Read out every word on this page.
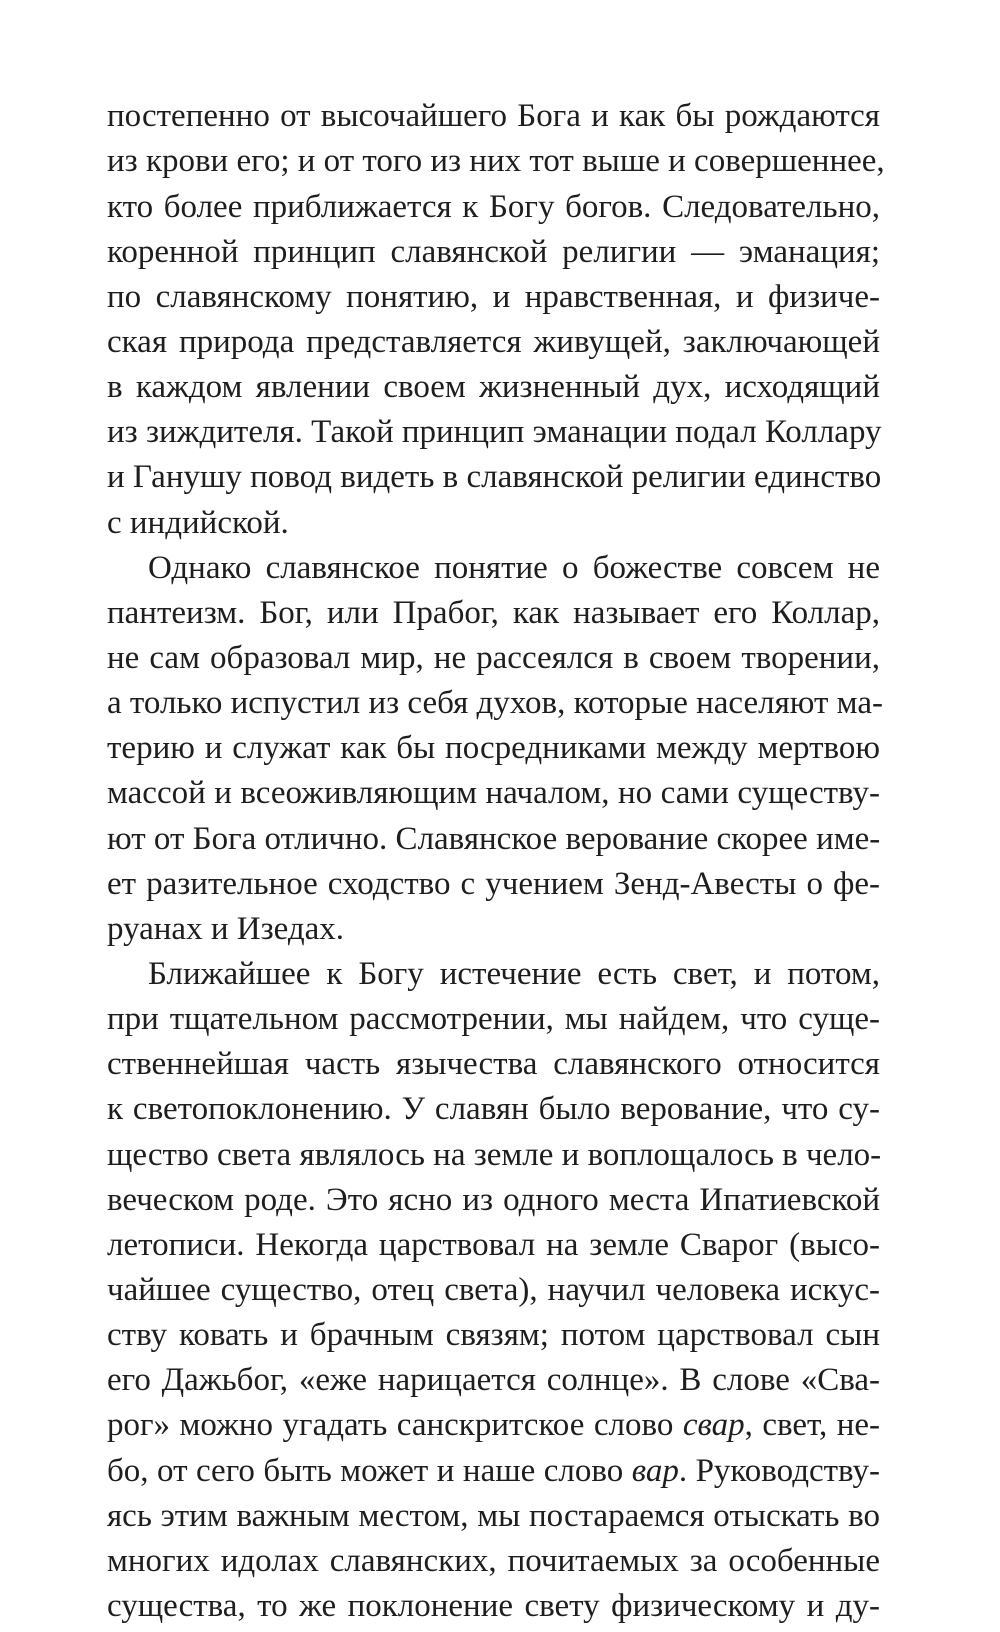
постепенно от высочайшего Бога и как бы рождаются
из крови его; и от того из них тот выше и совершеннее,
кто более приближается к Богу богов. Следовательно,
коренной принцип славянской религии — эманация;
по славянскому понятию, и нравственная, и физиче-
ская природа представляется живущей, заключающей
в каждом явлении своем жизненный дух, исходящий
из зиждителя. Такой принцип эманации подал Коллару
и Ганушу повод видеть в славянской религии единство
с индийской.
Однако славянское понятие о божестве совсем не
пантеизм. Бог, или Прабог, как называет его Коллар,
не сам образовал мир, не рассеялся в своем творении,
а только испустил из себя духов, которые населяют ма-
терию и служат как бы посредниками между мертвою
массой и всеоживляющим началом, но сами существу-
ют от Бога отлично. Славянское верование скорее име-
ет разительное сходство с учением Зенд-Авесты о фе-
руанах и Изедах.
Ближайшее к Богу истечение есть свет, и потом,
при тщательном рассмотрении, мы найдем, что суще-
ственнейшая часть язычества славянского относится
к светопоклонению. У славян было верование, что су-
щество света являлось на земле и воплощалось в чело-
веческом роде. Это ясно из одного места Ипатиевской
летописи. Некогда царствовал на земле Сварог (высо-
чайшее существо, отец света), научил человека искус-
ству ковать и брачным связям; потом царствовал сын
его Дажьбог, «еже нарицается солнце». В слове «Сва-
рог» можно угадать санскритское слово свар, свет, не-
бо, от сего быть может и наше слово вар. Руководству-
ясь этим важным местом, мы постараемся отыскать во
многих идолах славянских, почитаемых за особенные
существа, то же поклонение свету физическому и ду-
